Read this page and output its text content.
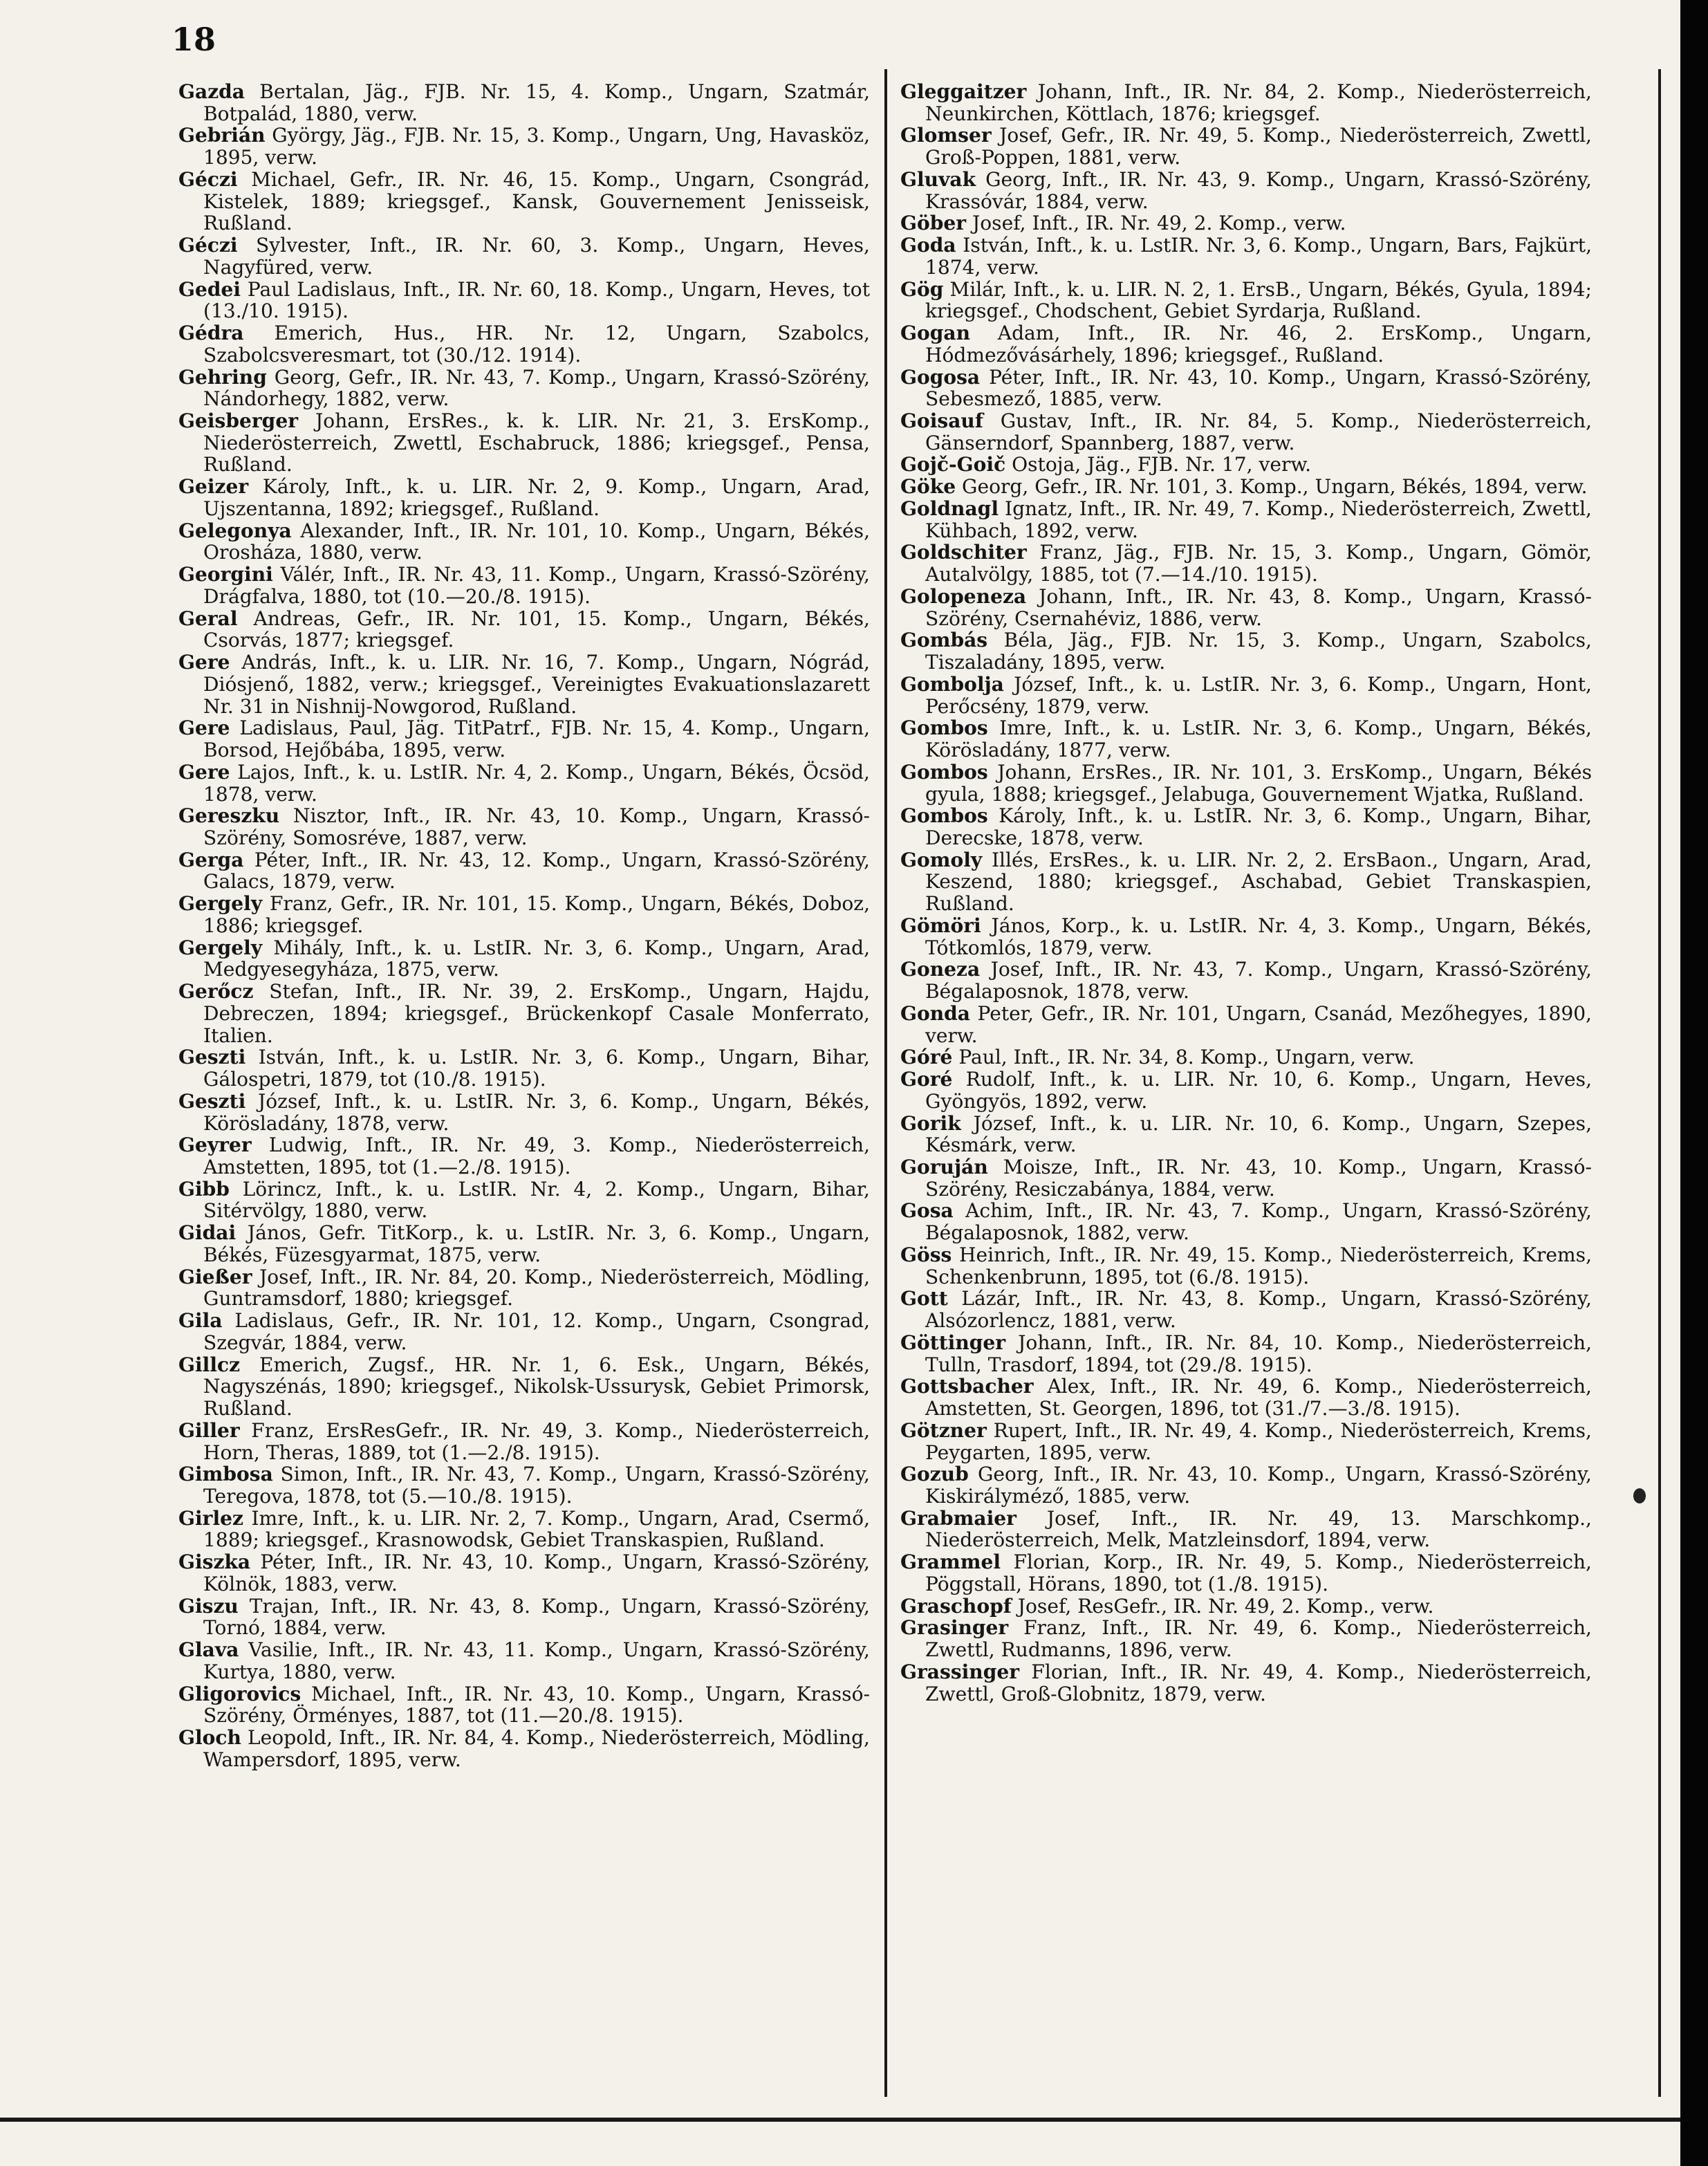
18

Gazda Bertalan, Jäg., FJB. Nr. 15, 4. Komp., Ungarn, Szatmár, Botpalád, 1880, verw.

Gebrián György, Jäg., FJB. Nr. 15, 3. Komp., Ungarn, Ung, Havasköz, 1895, verw.

Géczi Michael, Gefr., IR. Nr. 46, 15. Komp., Ungarn, Csongrád, Kistelek, 1889; kriegsgef., Kansk, Gouvernement Jenisseisk, Rußland.

Géczi Sylvester, Inft., IR. Nr. 60, 3. Komp., Ungarn, Heves, Nagyfüred, verw.

Gedei Paul Ladislaus, Inft., IR. Nr. 60, 18. Komp., Ungarn, Heves, tot (13./10. 1915).

Gédra Emerich, Hus., HR. Nr. 12, Ungarn, Szabolcs, Szabolcsveresmart, tot (30./12. 1914).

Gehring Georg, Gefr., IR. Nr. 43, 7. Komp., Ungarn, Krassó-Szörény, Nándorhegy, 1882, verw.

Geisberger Johann, ErsRes., k. k. LIR. Nr. 21, 3. ErsKomp., Niederösterreich, Zwettl, Eschabruck, 1886; kriegsgef., Pensa, Rußland.

Geizer Károly, Inft., k. u. LIR. Nr. 2, 9. Komp., Ungarn, Arad, Ujszentanna, 1892; kriegsgef., Rußland.

Gelegonya Alexander, Inft., IR. Nr. 101, 10. Komp., Ungarn, Békés, Orosháza, 1880, verw.

Georgini Válér, Inft., IR. Nr. 43, 11. Komp., Ungarn, Krassó-Szörény, Drágfalva, 1880, tot (10.—20./8. 1915).

Geral Andreas, Gefr., IR. Nr. 101, 15. Komp., Ungarn, Békés, Csorvás, 1877; kriegsgef.

Gere András, Inft., k. u. LIR. Nr. 16, 7. Komp., Ungarn, Nógrád, Diósjenő, 1882, verw.; kriegsgef., Vereinigtes Evakuationslazarett Nr. 31 in Nishnij-Nowgorod, Rußland.

Gere Ladislaus, Paul, Jäg. TitPatrf., FJB. Nr. 15, 4. Komp., Ungarn, Borsod, Hejőbába, 1895, verw.

Gere Lajos, Inft., k. u. LstIR. Nr. 4, 2. Komp., Ungarn, Békés, Öcsöd, 1878, verw.

Gereszku Nisztor, Inft., IR. Nr. 43, 10. Komp., Ungarn, Krassó-Szörény, Somosréve, 1887, verw.

Gerga Péter, Inft., IR. Nr. 43, 12. Komp., Ungarn, Krassó-Szörény, Galacs, 1879, verw.

Gergely Franz, Gefr., IR. Nr. 101, 15. Komp., Ungarn, Békés, Doboz, 1886; kriegsgef.

Gergely Mihály, Inft., k. u. LstIR. Nr. 3, 6. Komp., Ungarn, Arad, Medgyesegyháza, 1875, verw.

Gerőcz Stefan, Inft., IR. Nr. 39, 2. ErsKomp., Ungarn, Hajdu, Debreczen, 1894; kriegsgef., Brückenkopf Casale Monferrato, Italien.

Geszti István, Inft., k. u. LstIR. Nr. 3, 6. Komp., Ungarn, Bihar, Gálospetri, 1879, tot (10./8. 1915).

Geszti József, Inft., k. u. LstIR. Nr. 3, 6. Komp., Ungarn, Békés, Körösladány, 1878, verw.

Geyrer Ludwig, Inft., IR. Nr. 49, 3. Komp., Niederösterreich, Amstetten, 1895, tot (1.—2./8. 1915).

Gibb Lörincz, Inft., k. u. LstIR. Nr. 4, 2. Komp., Ungarn, Bihar, Sitérvölgy, 1880, verw.

Gidai János, Gefr. TitKorp., k. u. LstIR. Nr. 3, 6. Komp., Ungarn, Békés, Füzesgyarmat, 1875, verw.

Gießer Josef, Inft., IR. Nr. 84, 20. Komp., Niederösterreich, Mödling, Guntramsdorf, 1880; kriegsgef.

Gila Ladislaus, Gefr., IR. Nr. 101, 12. Komp., Ungarn, Csongrad, Szegvár, 1884, verw.

Gillcz Emerich, Zugsf., HR. Nr. 1, 6. Esk., Ungarn, Békés, Nagyszénás, 1890; kriegsgef., Nikolsk-Ussurysk, Gebiet Primorsk, Rußland.

Giller Franz, ErsResGefr., IR. Nr. 49, 3. Komp., Niederösterreich, Horn, Theras, 1889, tot (1.—2./8. 1915).

Gimbosa Simon, Inft., IR. Nr. 43, 7. Komp., Ungarn, Krassó-Szörény, Teregova, 1878, tot (5.—10./8. 1915).

Girlez Imre, Inft., k. u. LIR. Nr. 2, 7. Komp., Ungarn, Arad, Csermő, 1889; kriegsgef., Krasnowodsk, Gebiet Transkaspien, Rußland.

Giszka Péter, Inft., IR. Nr. 43, 10. Komp., Ungarn, Krassó-Szörény, Kölnök, 1883, verw.

Giszu Trajan, Inft., IR. Nr. 43, 8. Komp., Ungarn, Krassó-Szörény, Tornó, 1884, verw.

Glava Vasilie, Inft., IR. Nr. 43, 11. Komp., Ungarn, Krassó-Szörény, Kurtya, 1880, verw.

Gligorovics Michael, Inft., IR. Nr. 43, 10. Komp., Ungarn, Krassó-Szörény, Örményes, 1887, tot (11.—20./8. 1915).

Gloch Leopold, Inft., IR. Nr. 84, 4. Komp., Niederösterreich, Mödling, Wampersdorf, 1895, verw.

Gleggaitzer Johann, Inft., IR. Nr. 84, 2. Komp., Niederösterreich, Neunkirchen, Köttlach, 1876; kriegsgef.

Glomser Josef, Gefr., IR. Nr. 49, 5. Komp., Niederösterreich, Zwettl, Groß-Poppen, 1881, verw.

Gluvak Georg, Inft., IR. Nr. 43, 9. Komp., Ungarn, Krassó-Szörény, Krassóvár, 1884, verw.

Göber Josef, Inft., IR. Nr. 49, 2. Komp., verw.

Goda István, Inft., k. u. LstIR. Nr. 3, 6. Komp., Ungarn, Bars, Fajkürt, 1874, verw.

Gög Milár, Inft., k. u. LIR. N. 2, 1. ErsB., Ungarn, Békés, Gyula, 1894; kriegsgef., Chodschent, Gebiet Syrdarja, Rußland.

Gogan Adam, Inft., IR. Nr. 46, 2. ErsKomp., Ungarn, Hódmezővásárhely, 1896; kriegsgef., Rußland.

Gogosa Péter, Inft., IR. Nr. 43, 10. Komp., Ungarn, Krassó-Szörény, Sebesmező, 1885, verw.

Goisauf Gustav, Inft., IR. Nr. 84, 5. Komp., Niederösterreich, Gänserndorf, Spannberg, 1887, verw.

Gojč-Goič Ostoja, Jäg., FJB. Nr. 17, verw.

Göke Georg, Gefr., IR. Nr. 101, 3. Komp., Ungarn, Békés, 1894, verw.

Goldnagl Ignatz, Inft., IR. Nr. 49, 7. Komp., Niederösterreich, Zwettl, Kühbach, 1892, verw.

Goldschiter Franz, Jäg., FJB. Nr. 15, 3. Komp., Ungarn, Gömör, Autalvölgy, 1885, tot (7.—14./10. 1915).

Golopeneza Johann, Inft., IR. Nr. 43, 8. Komp., Ungarn, Krassó-Szörény, Csernahéviz, 1886, verw.

Gombás Béla, Jäg., FJB. Nr. 15, 3. Komp., Ungarn, Szabolcs, Tiszaladány, 1895, verw.

Gombolja József, Inft., k. u. LstIR. Nr. 3, 6. Komp., Ungarn, Hont, Perőcsény, 1879, verw.

Gombos Imre, Inft., k. u. LstIR. Nr. 3, 6. Komp., Ungarn, Békés, Körösladány, 1877, verw.

Gombos Johann, ErsRes., IR. Nr. 101, 3. ErsKomp., Ungarn, Békés gyula, 1888; kriegsgef., Jelabuga, Gouvernement Wjatka, Rußland.

Gombos Károly, Inft., k. u. LstIR. Nr. 3, 6. Komp., Ungarn, Bihar, Derecske, 1878, verw.

Gomoly Illés, ErsRes., k. u. LIR. Nr. 2, 2. ErsBaon., Ungarn, Arad, Keszend, 1880; kriegsgef., Aschabad, Gebiet Transkaspien, Rußland.

Gömöri János, Korp., k. u. LstIR. Nr. 4, 3. Komp., Ungarn, Békés, Tótkomlós, 1879, verw.

Goneza Josef, Inft., IR. Nr. 43, 7. Komp., Ungarn, Krassó-Szörény, Bégalaposnok, 1878, verw.

Gonda Peter, Gefr., IR. Nr. 101, Ungarn, Csanád, Mezőhegyes, 1890, verw.

Góré Paul, Inft., IR. Nr. 34, 8. Komp., Ungarn, verw.

Goré Rudolf, Inft., k. u. LIR. Nr. 10, 6. Komp., Ungarn, Heves, Gyöngyös, 1892, verw.

Gorik József, Inft., k. u. LIR. Nr. 10, 6. Komp., Ungarn, Szepes, Késmárk, verw.

Goruján Moisze, Inft., IR. Nr. 43, 10. Komp., Ungarn, Krassó-Szörény, Resiczabánya, 1884, verw.

Gosa Achim, Inft., IR. Nr. 43, 7. Komp., Ungarn, Krassó-Szörény, Bégalaposnok, 1882, verw.

Göss Heinrich, Inft., IR. Nr. 49, 15. Komp., Niederösterreich, Krems, Schenkenbrunn, 1895, tot (6./8. 1915).

Gott Lázár, Inft., IR. Nr. 43, 8. Komp., Ungarn, Krassó-Szörény, Alsózorlencz, 1881, verw.

Göttinger Johann, Inft., IR. Nr. 84, 10. Komp., Niederösterreich, Tulln, Trasdorf, 1894, tot (29./8. 1915).

Gottsbacher Alex, Inft., IR. Nr. 49, 6. Komp., Niederösterreich, Amstetten, St. Georgen, 1896, tot (31./7.—3./8. 1915).

Götzner Rupert, Inft., IR. Nr. 49, 4. Komp., Niederösterreich, Krems, Peygarten, 1895, verw.

Gozub Georg, Inft., IR. Nr. 43, 10. Komp., Ungarn, Krassó-Szörény, Kiskirályméző, 1885, verw.

Grabmaier Josef, Inft., IR. Nr. 49, 13. Marschkomp., Niederösterreich, Melk, Matzleinsdorf, 1894, verw.

Grammel Florian, Korp., IR. Nr. 49, 5. Komp., Niederösterreich, Pöggstall, Hörans, 1890, tot (1./8. 1915).

Graschopf Josef, ResGefr., IR. Nr. 49, 2. Komp., verw.

Grasinger Franz, Inft., IR. Nr. 49, 6. Komp., Niederösterreich, Zwettl, Rudmanns, 1896, verw.

Grassinger Florian, Inft., IR. Nr. 49, 4. Komp., Niederösterreich, Zwettl, Groß-Globnitz, 1879, verw.
